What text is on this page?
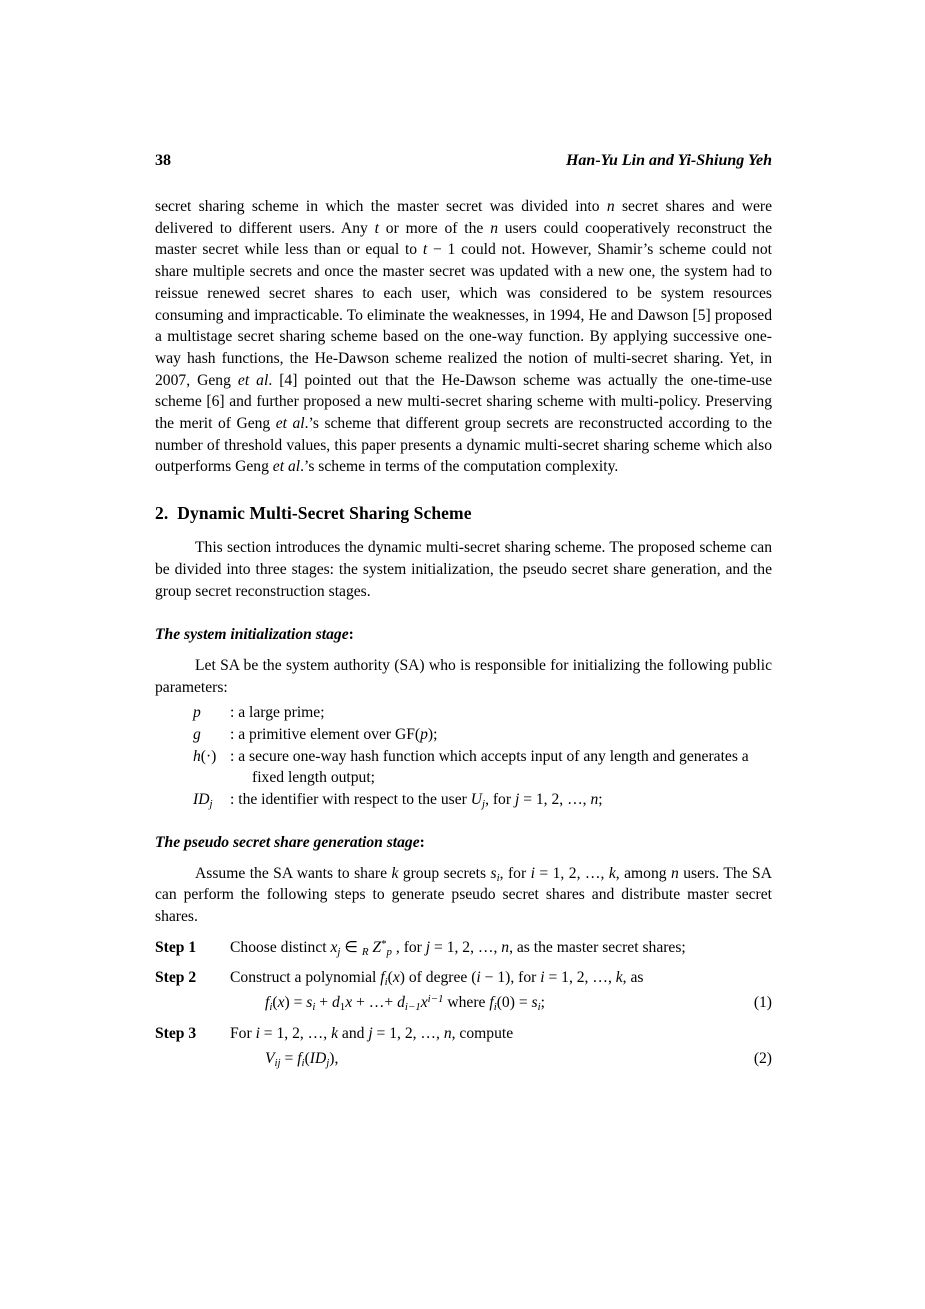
38	Han-Yu Lin and Yi-Shiung Yeh

secret sharing scheme in which the master secret was divided into n secret shares and were delivered to different users. Any t or more of the n users could cooperatively reconstruct the master secret while less than or equal to t − 1 could not. However, Shamir’s scheme could not share multiple secrets and once the master secret was updated with a new one, the system had to reissue renewed secret shares to each user, which was considered to be system resources consuming and impracticable. To eliminate the weaknesses, in 1994, He and Dawson [5] proposed a multistage secret sharing scheme based on the one-way function. By applying successive one-way hash functions, the He-Dawson scheme realized the notion of multi-secret sharing. Yet, in 2007, Geng et al. [4] pointed out that the He-Dawson scheme was actually the one-time-use scheme [6] and further proposed a new multi-secret sharing scheme with multi-policy. Preserving the merit of Geng et al.’s scheme that different group secrets are reconstructed according to the number of threshold values, this paper presents a dynamic multi-secret sharing scheme which also outperforms Geng et al.’s scheme in terms of the computation complexity.

2.  Dynamic Multi-Secret Sharing Scheme

This section introduces the dynamic multi-secret sharing scheme. The proposed scheme can be divided into three stages: the system initialization, the pseudo secret share generation, and the group secret reconstruction stages.

The system initialization stage:

Let SA be the system authority (SA) who is responsible for initializing the following public parameters:

p	: a large prime;
g	: a primitive element over GF(p);
h(·) : a secure one-way hash function which accepts input of any length and generates a fixed length output;
$ID_j$	: the identifier with respect to the user $U_j$, for j = 1, 2, …, n;

The pseudo secret share generation stage:

Assume the SA wants to share k group secrets $s_i$, for i = 1, 2, …, k, among n users. The SA can perform the following steps to generate pseudo secret shares and distribute master secret shares.

Step 1	Choose distinct $x_j$ ∈ $_R$ $Z^*_p$ , for j = 1, 2, …, n, as the master secret shares;
Step 2	Construct a polynomial $f_i(x)$ of degree (i − 1), for i = 1, 2, …, k, as
$f_i(x) = s_i + d_1x$ + …+ $d_{i-1}x^{i-1}$ where $f_i(0) = s_i$;	(1)
Step 3	For i = 1, 2, …, k and j = 1, 2, …, n, compute
$V_{ij} = f_i(ID_j)$,	(2)
